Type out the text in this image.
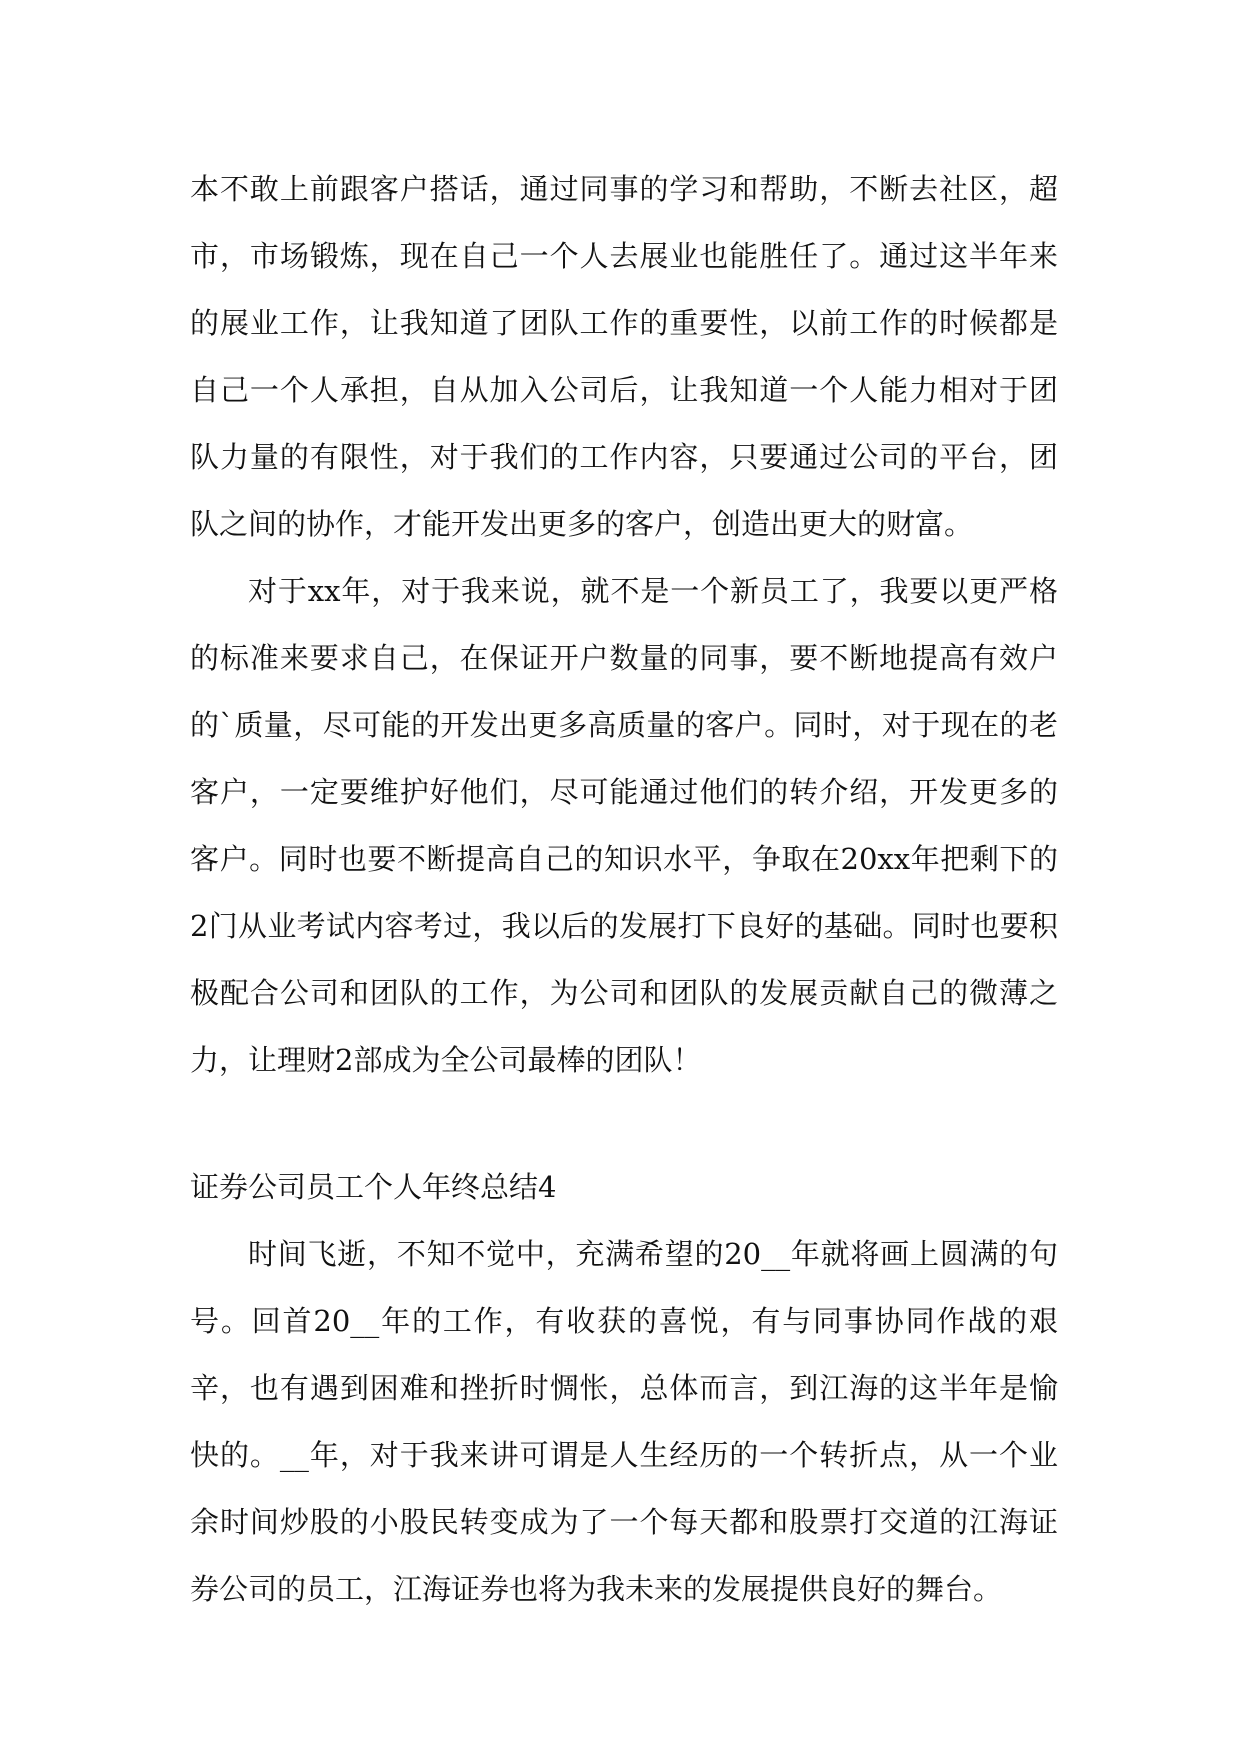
本不敢上前跟客户搭话，通过同事的学习和帮助，不断去社区，超市，市场锻炼，现在自己一个人去展业也能胜任了。通过这半年来的展业工作，让我知道了团队工作的重要性，以前工作的时候都是自己一个人承担，自从加入公司后，让我知道一个人能力相对于团队力量的有限性，对于我们的工作内容，只要通过公司的平台，团队之间的协作，才能开发出更多的客户，创造出更大的财富。

对于xx年，对于我来说，就不是一个新员工了，我要以更严格的标准来要求自己，在保证开户数量的同事，要不断地提高有效户的`质量，尽可能的开发出更多高质量的客户。同时，对于现在的老客户，一定要维护好他们，尽可能通过他们的转介绍，开发更多的客户。同时也要不断提高自己的知识水平，争取在20xx年把剩下的2门从业考试内容考过，我以后的发展打下良好的基础。同时也要积极配合公司和团队的工作，为公司和团队的发展贡献自己的微薄之力，让理财2部成为全公司最棒的团队！

证券公司员工个人年终总结4

时间飞逝，不知不觉中，充满希望的20__年就将画上圆满的句号。回首20__年的工作，有收获的喜悦，有与同事协同作战的艰辛，也有遇到困难和挫折时惆怅，总体而言，到江海的这半年是愉快的。__年，对于我来讲可谓是人生经历的一个转折点，从一个业余时间炒股的小股民转变成为了一个每天都和股票打交道的江海证券公司的员工，江海证券也将为我未来的发展提供良好的舞台。
